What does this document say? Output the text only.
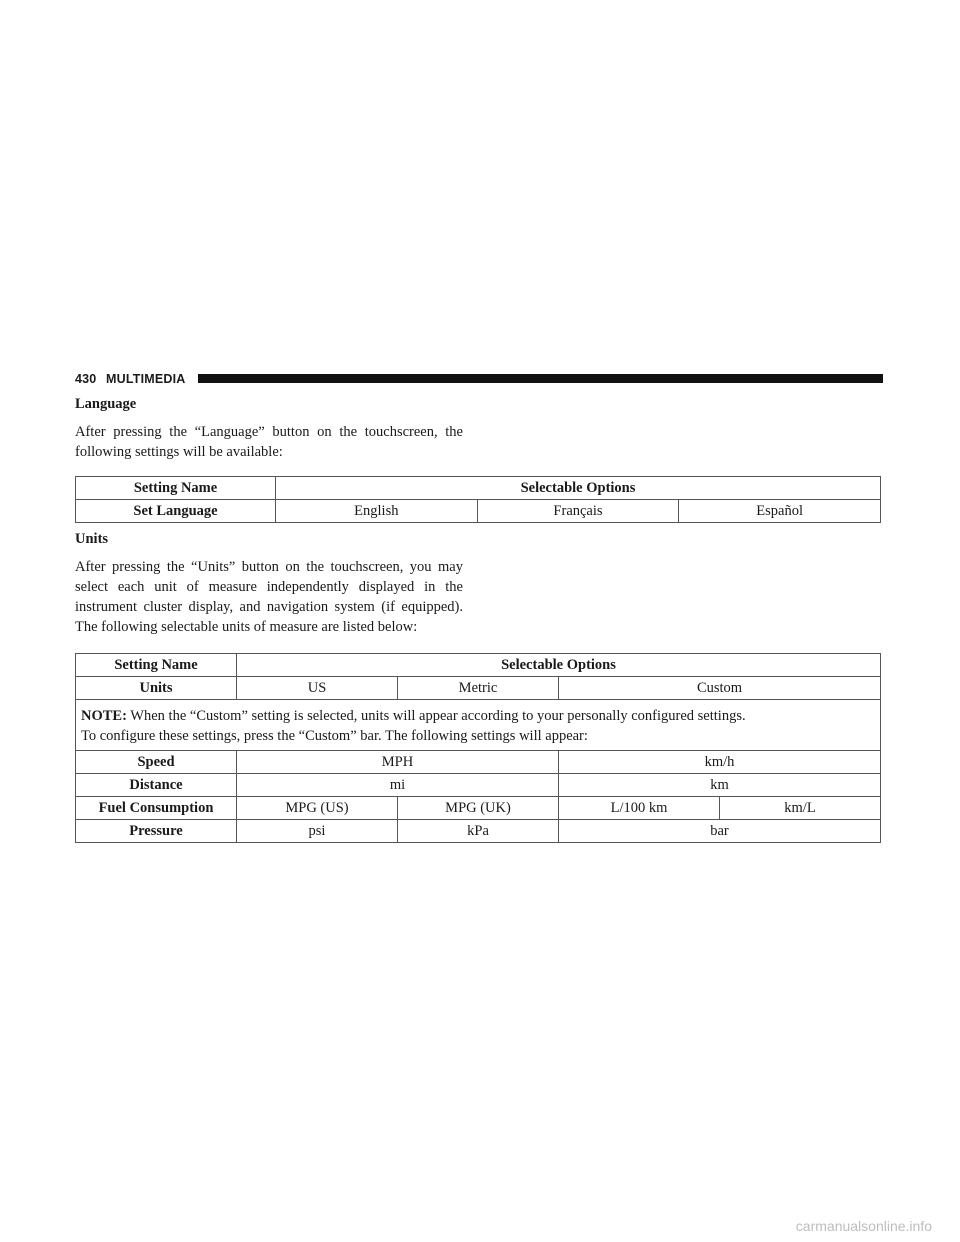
430 MULTIMEDIA
Language

After pressing the “Language” button on the touchscreen, the following settings will be available:

Setting Name	Selectable Options		
Set Language	English	Français	Español
Units

After pressing the “Units” button on the touchscreen, you may select each unit of measure independently displayed in the instrument cluster display, and navigation system (if equipped). The following selectable units of measure are listed below:

Setting Name	Selectable Options			
Units	US	Metric	Custom	
NOTE: When the “Custom” setting is selected, units will appear according to your personally configured settings.
To configure these settings, press the “Custom” bar. The following settings will appear:				
Speed	MPH		km/h	
Distance	mi		km	
Fuel Consumption	MPG (US)	MPG (UK)	L/100 km	km/L
Pressure	psi	kPa	bar	
carmanualsonline.info
